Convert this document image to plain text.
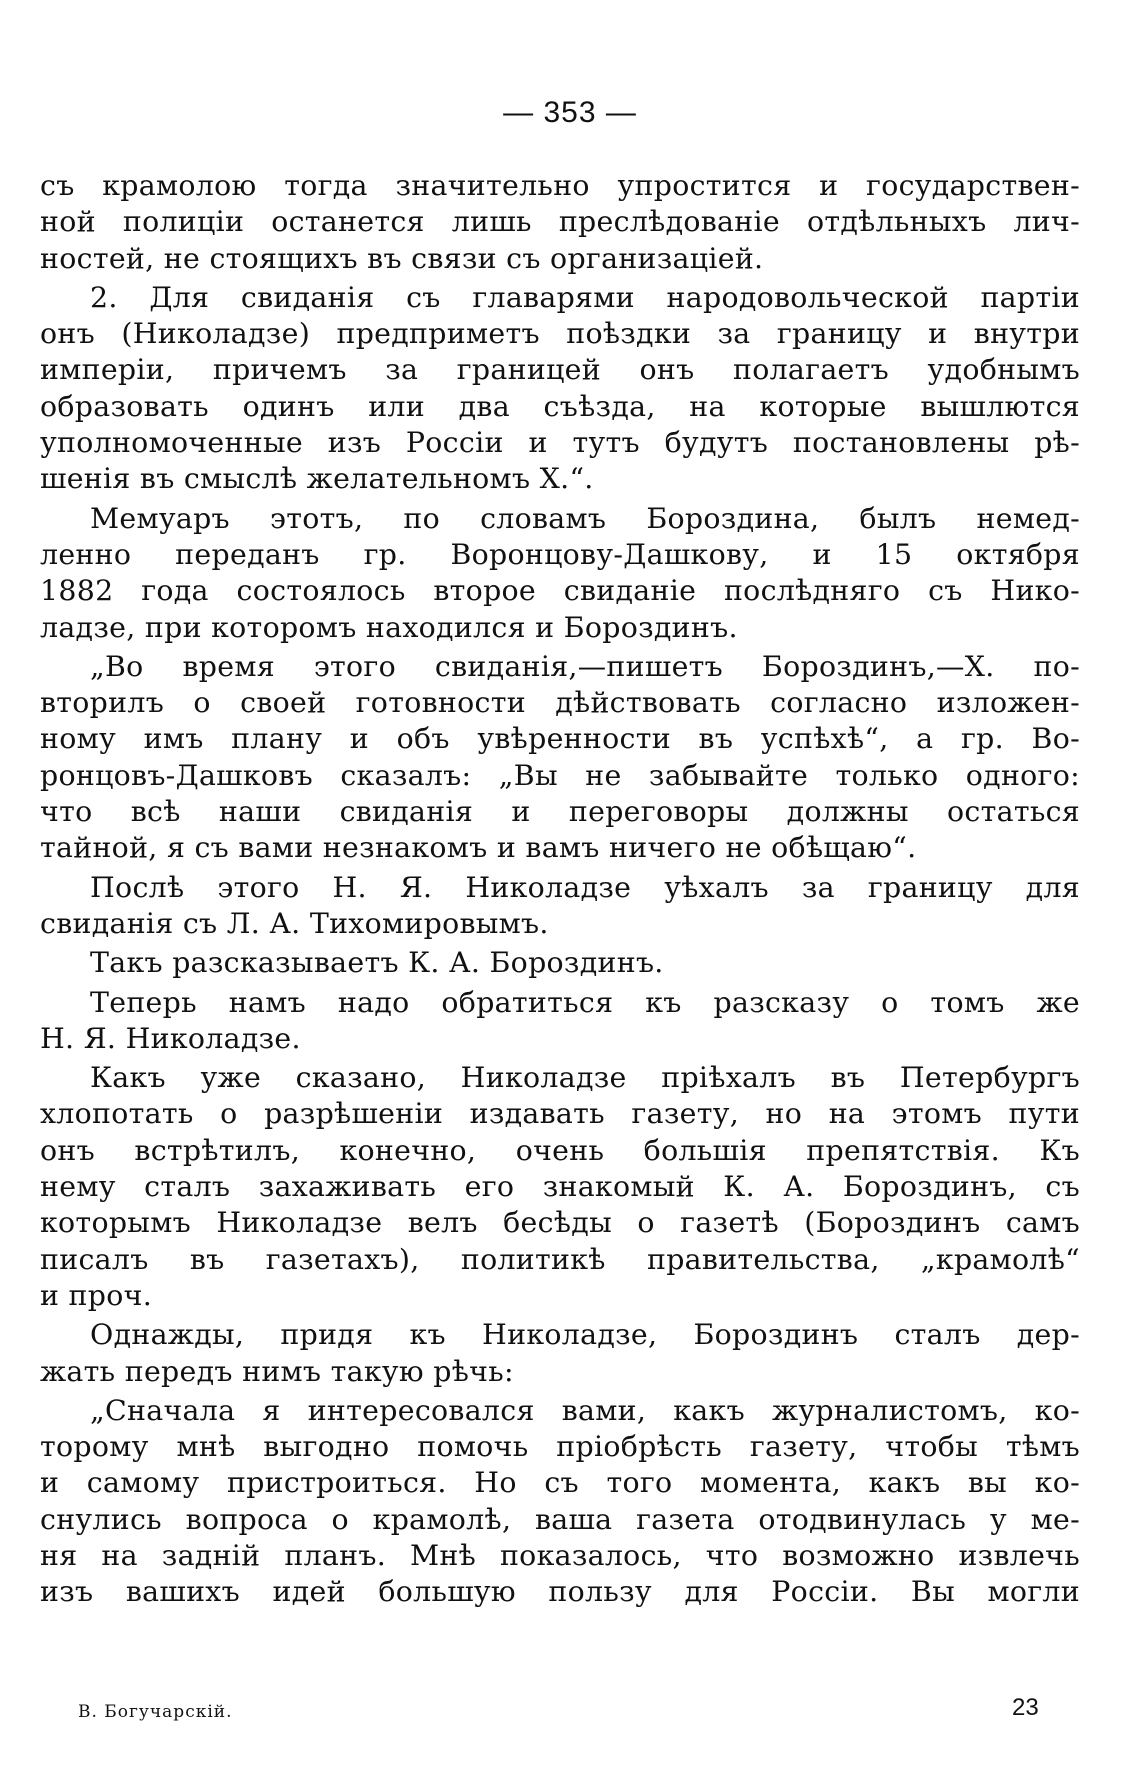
— 353 —
съ крамолою тогда значительно упростится и государствен-
ной полиціи останется лишь преслѣдованіе отдѣльныхъ лич-
ностей, не стоящихъ въ связи съ организаціей.
2. Для свиданія съ главарями народовольческой партіи
онъ (Николадзе) предприметъ поѣздки за границу и внутри
имперіи, причемъ за границей онъ полагаетъ удобнымъ
образовать одинъ или два съѣзда, на которые вышлются
уполномоченные изъ Россіи и тутъ будутъ постановлены рѣ-
шенія въ смыслѣ желательномъ Х.“.
Мемуаръ этотъ, по словамъ Бороздина, былъ немед-
ленно переданъ гр. Воронцову-Дашкову, и 15 октября
1882 года состоялось второе свиданіе послѣдняго съ Нико-
ладзе, при которомъ находился и Бороздинъ.
„Во время этого свиданія,—пишетъ Бороздинъ,—Х. по-
вторилъ о своей готовности дѣйствовать согласно изложен-
ному имъ плану и объ увѣренности въ успѣхѣ“, а гр. Во-
ронцовъ-Дашковъ сказалъ: „Вы не забывайте только одного:
что всѣ наши свиданія и переговоры должны остаться
тайной, я съ вами незнакомъ и вамъ ничего не обѣщаю“.
Послѣ этого Н. Я. Николадзе уѣхалъ за границу для
свиданія съ Л. А. Тихомировымъ.
Такъ разсказываетъ К. А. Бороздинъ.
Теперь намъ надо обратиться къ разсказу о томъ же
Н. Я. Николадзе.
Какъ уже сказано, Николадзе пріѣхалъ въ Петербургъ
хлопотать о разрѣшеніи издавать газету, но на этомъ пути
онъ встрѣтилъ, конечно, очень большія препятствія. Къ
нему сталъ захаживать его знакомый К. А. Бороздинъ, съ
которымъ Николадзе велъ бесѣды о газетѣ (Бороздинъ самъ
писалъ въ газетахъ), политикѣ правительства, „крамолѣ“
и проч.
Однажды, придя къ Николадзе, Бороздинъ сталъ дер-
жать передъ нимъ такую рѣчь:
„Сначала я интересовался вами, какъ журналистомъ, ко-
торому мнѣ выгодно помочь пріобрѣсть газету, чтобы тѣмъ
и самому пристроиться. Но съ того момента, какъ вы ко-
снулись вопроса о крамолѣ, ваша газета отодвинулась у ме-
ня на задній планъ. Мнѣ показалось, что возможно извлечь
изъ вашихъ идей большую пользу для Россіи. Вы могли
В. Богучарскій.	23
